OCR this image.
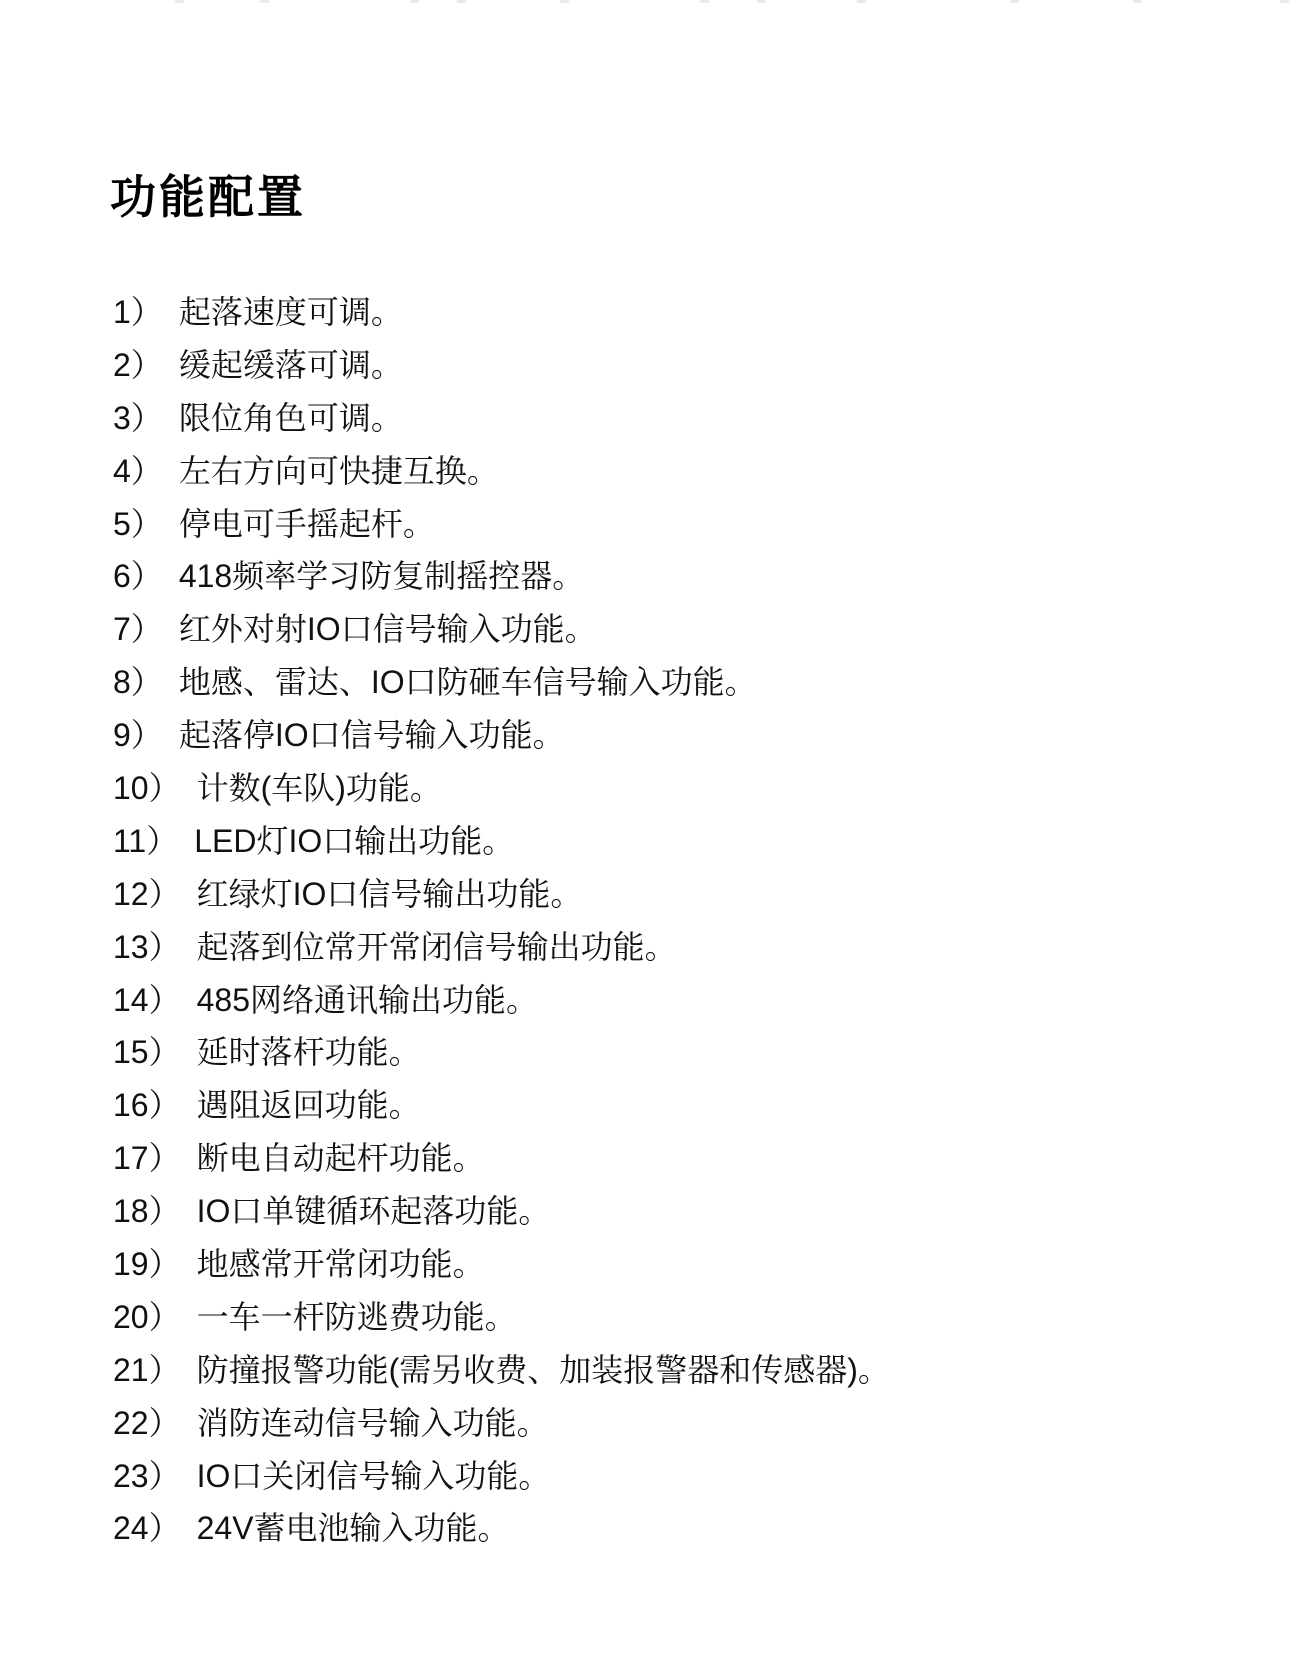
功能配置
1） 起落速度可调。
2） 缓起缓落可调。
3） 限位角色可调。
4） 左右方向可快捷互换。
5） 停电可手摇起杆。
6） 418频率学习防复制摇控器。
7） 红外对射IO口信号输入功能。
8） 地感、雷达、IO口防砸车信号输入功能。
9） 起落停IO口信号输入功能。
10） 计数(车队)功能。
11） LED灯IO口输出功能。
12） 红绿灯IO口信号输出功能。
13） 起落到位常开常闭信号输出功能。
14） 485网络通讯输出功能。
15） 延时落杆功能。
16） 遇阻返回功能。
17） 断电自动起杆功能。
18） IO口单键循环起落功能。
19） 地感常开常闭功能。
20） 一车一杆防逃费功能。
21） 防撞报警功能(需另收费、加装报警器和传感器)。
22） 消防连动信号输入功能。
23） IO口关闭信号输入功能。
24） 24V蓄电池输入功能。
